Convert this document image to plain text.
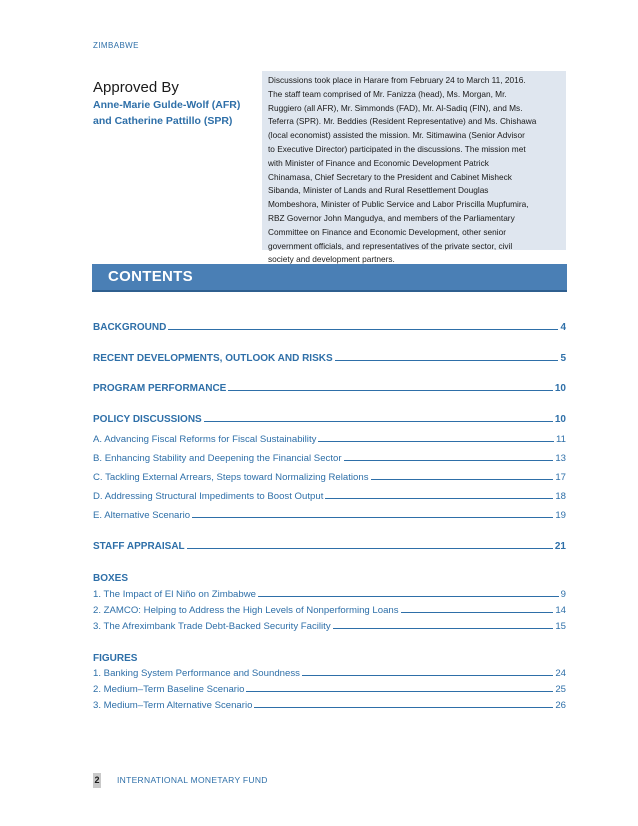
ZIMBABWE
Approved By
Anne-Marie Gulde-Wolf (AFR)
and Catherine Pattillo (SPR)
Discussions took place in Harare from February 24 to March 11, 2016.
The staff team comprised of Mr. Fanizza (head), Ms. Morgan, Mr.
Ruggiero (all AFR), Mr. Simmonds (FAD), Mr. Al-Sadiq (FIN), and Ms.
Teferra (SPR). Mr. Beddies (Resident Representative) and Ms. Chishawa
(local economist) assisted the mission. Mr. Sitimawina (Senior Advisor
to Executive Director) participated in the discussions. The mission met
with Minister of Finance and Economic Development Patrick
Chinamasa, Chief Secretary to the President and Cabinet Misheck
Sibanda, Minister of Lands and Rural Resettlement Douglas
Mombeshora, Minister of Public Service and Labor Priscilla Mupfumira,
RBZ Governor John Mangudya, and members of the Parliamentary
Committee on Finance and Economic Development, other senior
government officials, and representatives of the private sector, civil
society and development partners.
CONTENTS
BACKGROUND	4
RECENT DEVELOPMENTS, OUTLOOK AND RISKS	5
PROGRAM PERFORMANCE	10
POLICY DISCUSSIONS	10
A. Advancing Fiscal Reforms for Fiscal Sustainability	11
B. Enhancing Stability and Deepening the Financial Sector	13
C. Tackling External Arrears, Steps toward Normalizing Relations	17
D. Addressing Structural Impediments to Boost Output	18
E. Alternative Scenario	19
STAFF APPRAISAL	21
BOXES
1. The Impact of El Niño on Zimbabwe	9
2. ZAMCO: Helping to Address the High Levels of Nonperforming Loans	14
3. The Afreximbank Trade Debt-Backed Security Facility	15
FIGURES
1. Banking System Performance and Soundness	24
2. Medium–Term Baseline Scenario	25
3. Medium–Term Alternative Scenario	26
2 INTERNATIONAL MONETARY FUND
